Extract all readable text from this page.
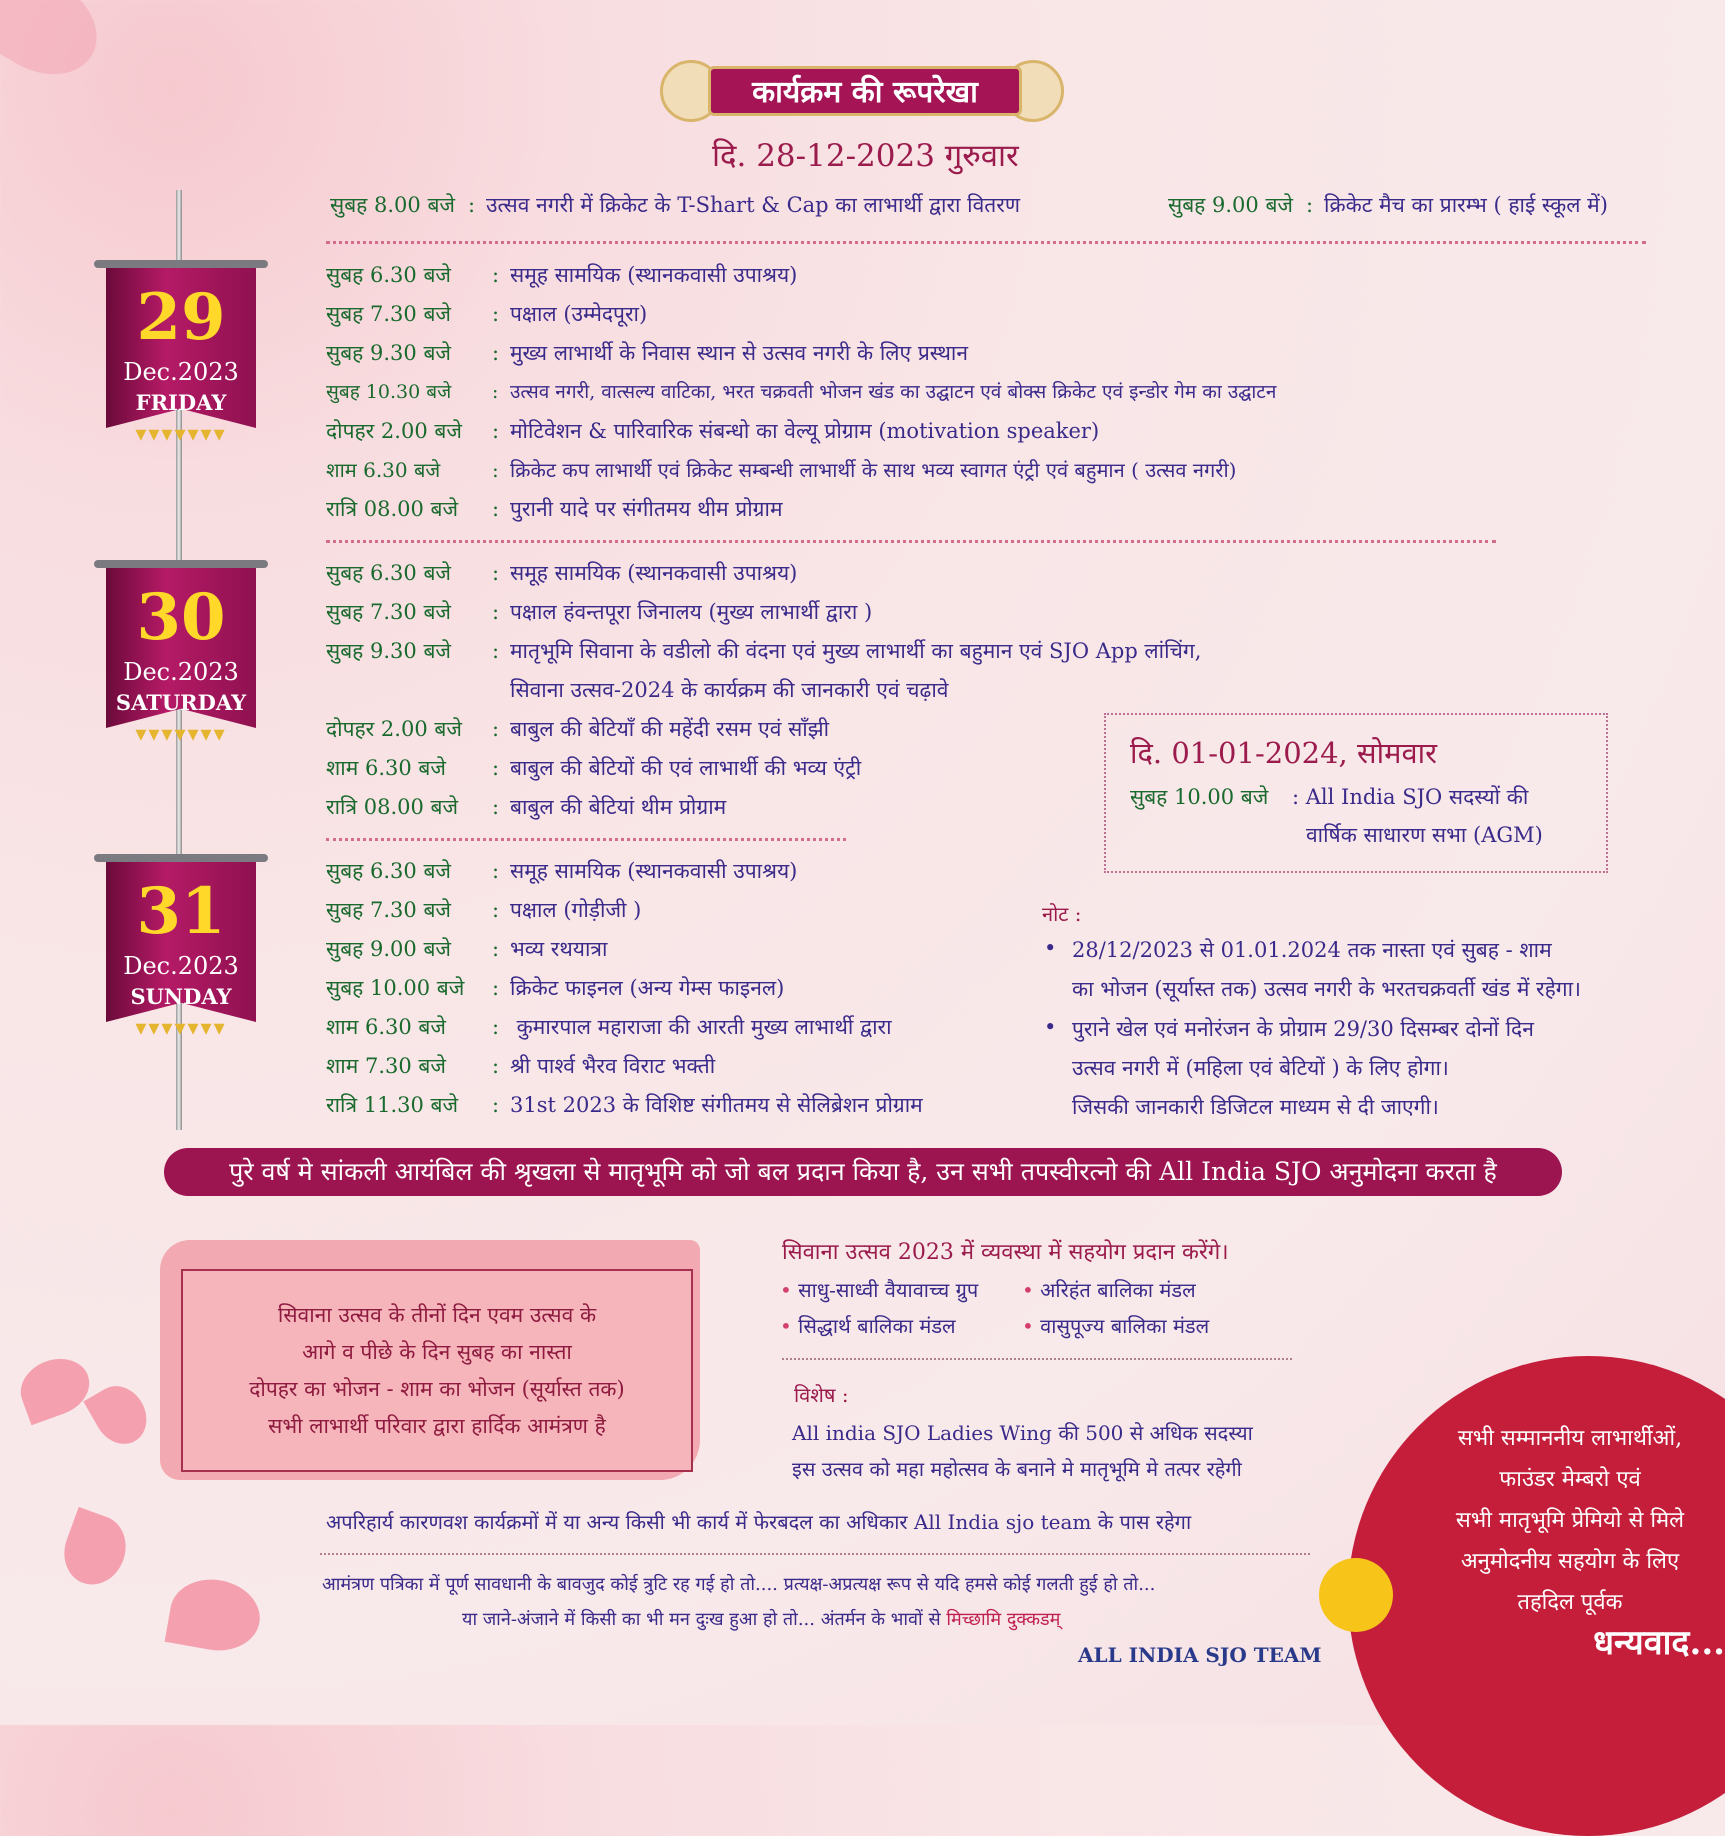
कार्यक्रम की रूपरेखा
दि. 28-12-2023 गुरुवार
सुबह 8.00 बजे : उत्सव नगरी में क्रिकेट के T-Shart & Cap का लाभार्थी द्वारा वितरण	सुबह 9.00 बजे : क्रिकेट मैच का प्रारम्भ ( हाई स्कूल में)
29
Dec.2023
FRIDAY
▾▾▾▾▾▾▾
30
Dec.2023
SATURDAY
▾▾▾▾▾▾▾
31
Dec.2023
SUNDAY
▾▾▾▾▾▾▾
सुबह 6.30 बजे : समूह सामयिक (स्थानकवासी उपाश्रय)
सुबह 7.30 बजे : पक्षाल (उम्मेदपूरा)
सुबह 9.30 बजे : मुख्य लाभार्थी के निवास स्थान से उत्सव नगरी के लिए प्रस्थान
सुबह 10.30 बजे : उत्सव नगरी, वात्सल्य वाटिका, भरत चक्रवती भोजन खंड का उद्घाटन एवं बोक्स क्रिकेट एवं इन्डोर गेम का उद्घाटन
दोपहर 2.00 बजे : मोटिवेशन & पारिवारिक संबन्धो का वेल्यू प्रोग्राम (motivation speaker)
शाम 6.30 बजे	: क्रिकेट कप लाभार्थी एवं क्रिकेट सम्बन्धी लाभार्थी के साथ भव्य स्वागत एंट्री एवं बहुमान ( उत्सव नगरी)
रात्रि 08.00 बजे : पुरानी यादे पर संगीतमय थीम प्रोग्राम
सुबह 6.30 बजे : समूह सामयिक (स्थानकवासी उपाश्रय)
सुबह 7.30 बजे : पक्षाल हंवन्तपूरा जिनालय (मुख्य लाभार्थी द्वारा )
सुबह 9.30 बजे : मातृभूमि सिवाना के वडीलो की वंदना एवं मुख्य लाभार्थी का बहुमान एवं SJO App लांचिंग,
सिवाना उत्सव-2024 के कार्यक्रम की जानकारी एवं चढ़ावे
दोपहर 2.00 बजे : बाबुल की बेटियाँ की महेंदी रसम एवं साँझी
शाम 6.30 बजे : बाबुल की बेटियों की एवं लाभार्थी की भव्य एंट्री
रात्रि 08.00 बजे : बाबुल की बेटियां थीम प्रोग्राम
सुबह 6.30 बजे : समूह सामयिक (स्थानकवासी उपाश्रय)
सुबह 7.30 बजे : पक्षाल (गोड़ीजी )
सुबह 9.00 बजे : भव्य रथयात्रा
सुबह 10.00 बजे : क्रिकेट फाइनल (अन्य गेम्स फाइनल)
शाम 6.30 बजे : कुमारपाल महाराजा की आरती मुख्य लाभार्थी द्वारा
शाम 7.30 बजे : श्री पार्श्व भैरव विराट भक्ती
रात्रि 11.30 बजे : 31st 2023 के विशिष्ट संगीतमय से सेलिब्रेशन प्रोग्राम
दि. 01-01-2024, सोमवार
सुबह 10.00 बजे : All India SJO सदस्यों की
वार्षिक साधारण सभा (AGM)
नोट :
• 28/12/2023 से 01.01.2024 तक नास्ता एवं सुबह - शाम
का भोजन (सूर्यास्त तक) उत्सव नगरी के भरतचक्रवर्ती खंड में रहेगा।
• पुराने खेल एवं मनोरंजन के प्रोग्राम 29/30 दिसम्बर दोनों दिन
उत्सव नगरी में (महिला एवं बेटियों ) के लिए होगा।
जिसकी जानकारी डिजिटल माध्यम से दी जाएगी।
पुरे वर्ष मे सांकली आयंबिल की श्रृखला से मातृभूमि को जो बल प्रदान किया है, उन सभी तपस्वीरत्नो की All India SJO अनुमोदना करता है
सिवाना उत्सव के तीनों दिन एवम उत्सव के
आगे व पीछे के दिन सुबह का नास्ता
दोपहर का भोजन - शाम का भोजन (सूर्यास्त तक)
सभी लाभार्थी परिवार द्वारा हार्दिक आमंत्रण है
सिवाना उत्सव 2023 में व्यवस्था में सहयोग प्रदान करेंगे।
• साधु-साध्वी वैयावाच्च ग्रुप • अरिहंत बालिका मंडल
• सिद्धार्थ बालिका मंडल	• वासुपूज्य बालिका मंडल
विशेष :
All india SJO Ladies Wing की 500 से अधिक सदस्या
इस उत्सव को महा महोत्सव के बनाने मे मातृभूमि मे तत्पर रहेगी
अपरिहार्य कारणवश कार्यक्रमों में या अन्य किसी भी कार्य में फेरबदल का अधिकार All India sjo team के पास रहेगा
आमंत्रण पत्रिका में पूर्ण सावधानी के बावजुद कोई त्रुटि रह गई हो तो.... प्रत्यक्ष-अप्रत्यक्ष रूप से यदि हमसे कोई गलती हुई हो तो...
या जाने-अंजाने में किसी का भी मन दुःख हुआ हो तो... अंतर्मन के भावों से मिच्छामि दुक्कडम्
ALL INDIA SJO TEAM
सभी सम्माननीय लाभार्थीओं,
फाउंडर मेम्बरो एवं
सभी मातृभूमि प्रेमियो से मिले
अनुमोदनीय सहयोग के लिए
तहदिल पूर्वक
धन्यवाद...
